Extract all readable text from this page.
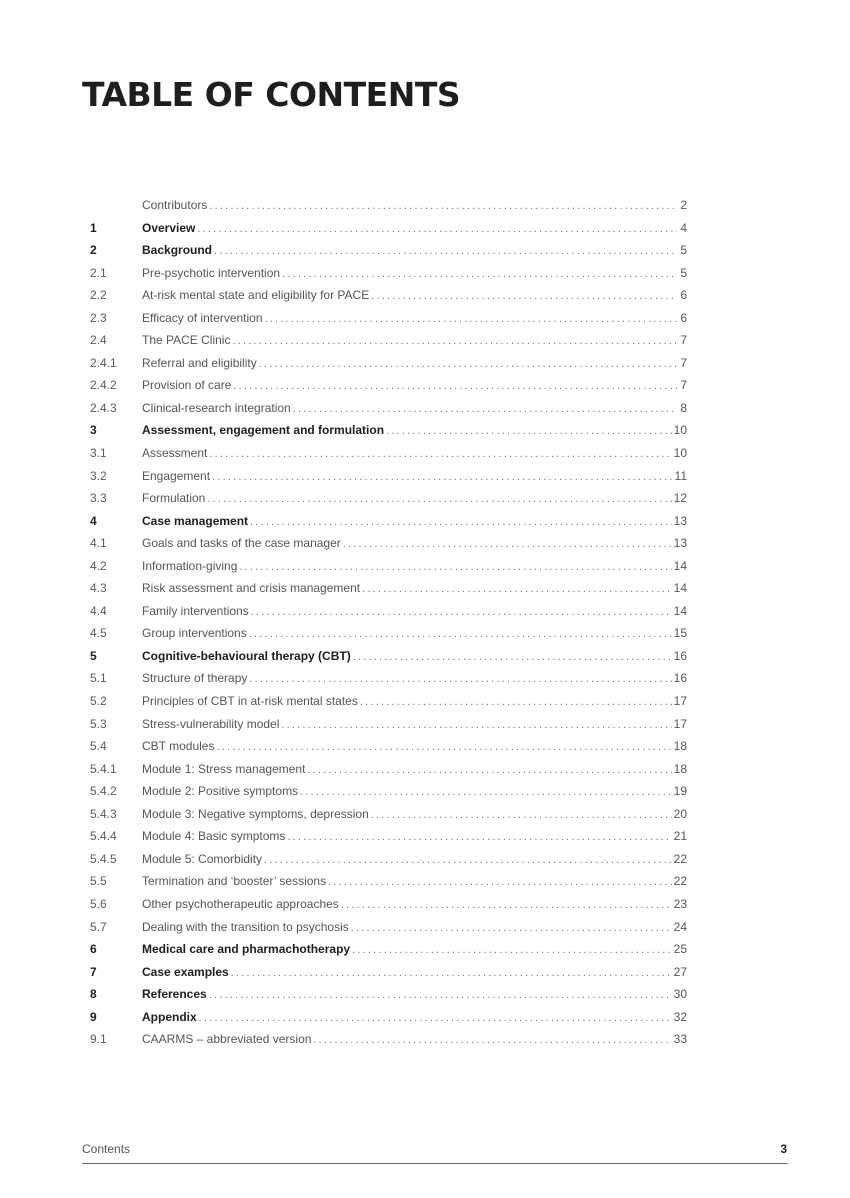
TABLE OF CONTENTS
Contributors .....	2
1	Overview .....	4
2	Background .....	5
2.1	Pre-psychotic intervention .....	5
2.2	At-risk mental state and eligibility for PACE .....	6
2.3	Efficacy of intervention .....	6
2.4	The PACE Clinic .....	7
2.4.1	Referral and eligibility .....	7
2.4.2	Provision of care .....	7
2.4.3	Clinical-research integration .....	8
3	Assessment, engagement and formulation .....	10
3.1	Assessment .....	10
3.2	Engagement .....	11
3.3	Formulation .....	12
4	Case management .....	13
4.1	Goals and tasks of the case manager .....	13
4.2	Information-giving .....	14
4.3	Risk assessment and crisis management .....	14
4.4	Family interventions .....	14
4.5	Group interventions .....	15
5	Cognitive-behavioural therapy (CBT) .....	16
5.1	Structure of therapy .....	16
5.2	Principles of CBT in at-risk mental states .....	17
5.3	Stress-vulnerability model .....	17
5.4	CBT modules .....	18
5.4.1	Module 1: Stress management .....	18
5.4.2	Module 2: Positive symptoms .....	19
5.4.3	Module 3: Negative symptoms, depression .....	20
5.4.4	Module 4: Basic symptoms .....	21
5.4.5	Module 5: Comorbidity .....	22
5.5	Termination and ‘booster’ sessions .....	22
5.6	Other psychotherapeutic approaches .....	23
5.7	Dealing with the transition to psychosis .....	24
6	Medical care and pharmachotherapy .....	25
7	Case examples .....	27
8	References .....	30
9	Appendix .....	32
9.1	CAARMS – abbreviated version .....	33
Contents	3
